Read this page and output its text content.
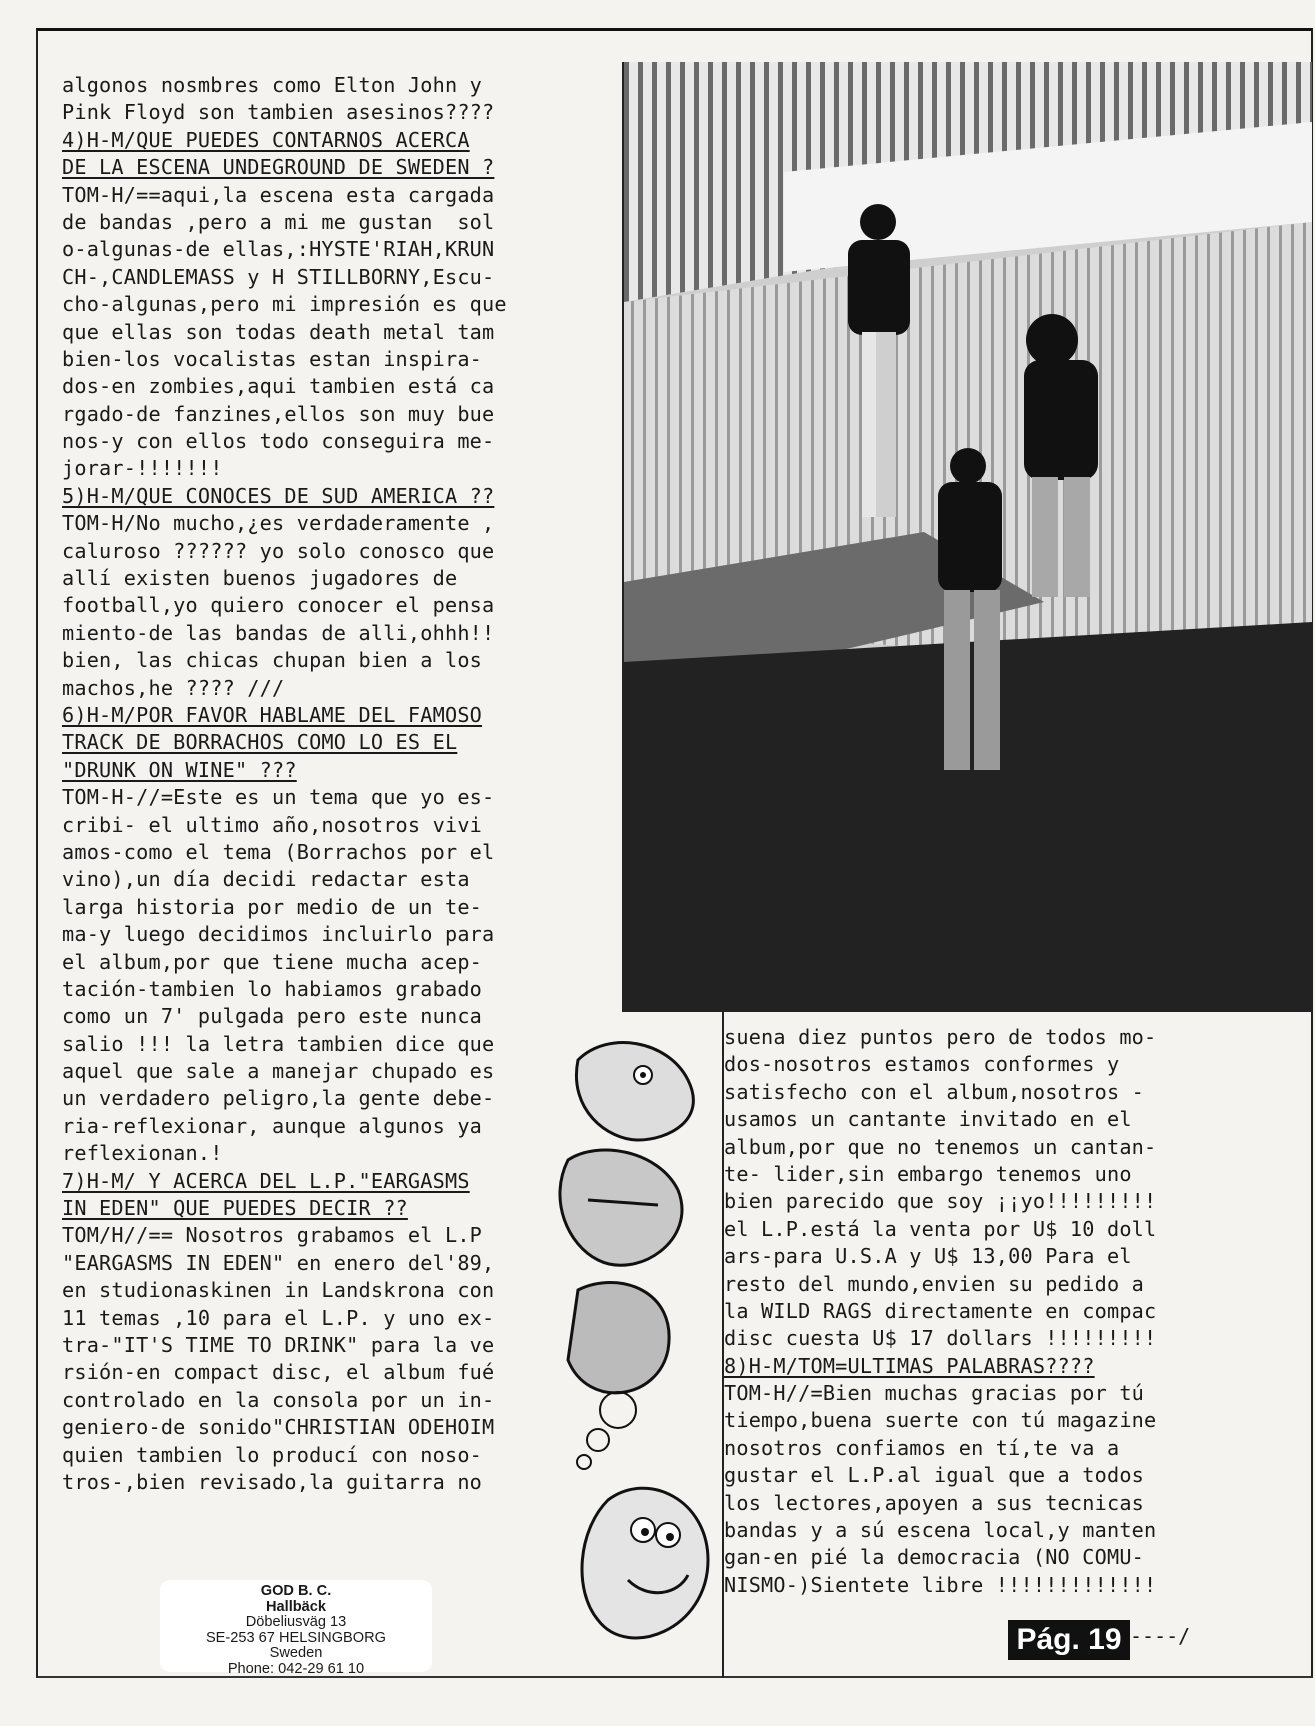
algonos nosmbres como Elton John y
Pink Floyd son tambien asesinos????
4)H-M/QUE PUEDES CONTARNOS ACERCA
DE LA ESCENA UNDEGROUND DE SWEDEN ?
TOM-H/==aqui,la escena esta cargada
de bandas ,pero a mi me gustan  sol
o-algunas-de ellas,:HYSTE'RIAH,KRUN
CH-,CANDLEMASS y H STILLBORNY,Escu-
cho-algunas,pero mi impresión es que
que ellas son todas death metal tam
bien-los vocalistas estan inspira-
dos-en zombies,aqui tambien está ca
rgado-de fanzines,ellos son muy bue
nos-y con ellos todo conseguira me-
jorar-!!!!!!!
5)H-M/QUE CONOCES DE SUD AMERICA ??
TOM-H/No mucho,¿es verdaderamente ,
caluroso ?????? yo solo conosco que
allí existen buenos jugadores de
football,yo quiero conocer el pensa
miento-de las bandas de alli,ohhh!!
bien, las chicas chupan bien a los
machos,he ???? ///
6)H-M/POR FAVOR HABLAME DEL FAMOSO
TRACK DE BORRACHOS COMO LO ES EL
"DRUNK ON WINE" ???
TOM-H-//=Este es un tema que yo es-
cribi- el ultimo año,nosotros vivi
amos-como el tema (Borrachos por el
vino),un día decidi redactar esta
larga historia por medio de un te-
ma-y luego decidimos incluirlo para
el album,por que tiene mucha acep-
tación-tambien lo habiamos grabado
como un 7' pulgada pero este nunca
salio !!! la letra tambien dice que
aquel que sale a manejar chupado es
un verdadero peligro,la gente debe-
ria-reflexionar, aunque algunos ya
reflexionan.!
7)H-M/ Y ACERCA DEL L.P."EARGASMS
IN EDEN" QUE PUEDES DECIR ??
TOM/H//== Nosotros grabamos el L.P
"EARGASMS IN EDEN" en enero del'89,
en studionaskinen in Landskrona con
11 temas ,10 para el L.P. y uno ex-
tra-"IT'S TIME TO DRINK" para la ve
rsión-en compact disc, el album fué
controlado en la consola por un in-
geniero-de sonido"CHRISTIAN ODEHOIM
quien tambien lo producí con noso-
tros-,bien revisado,la guitarra no
suena diez puntos pero de todos mo-
dos-nosotros estamos conformes y
satisfecho con el album,nosotros -
usamos un cantante invitado en el
album,por que no tenemos un cantan-
te- lider,sin embargo tenemos uno
bien parecido que soy ¡¡yo!!!!!!!!!
el L.P.está la venta por U$ 10 doll
ars-para U.S.A y U$ 13,00 Para el
resto del mundo,envien su pedido a
la WILD RAGS directamente en compac
disc cuesta U$ 17 dollars !!!!!!!!!
8)H-M/TOM=ULTIMAS PALABRAS????
TOM-H//=Bien muchas gracias por tú
tiempo,buena suerte con tú magazine
nosotros confiamos en tí,te va a
gustar el L.P.al igual que a todos
los lectores,apoyen a sus tecnicas
bandas y a sú escena local,y manten
gan-en pié la democracia (NO COMU-
NISMO-)Sientete libre !!!!!!!!!!!!!
GOD B. C.
Hallbäck
Döbeliusväg 13
SE-253 67 HELSINGBORG
Sweden
Phone: 042-29 61 10
Pág. 19 ----/
